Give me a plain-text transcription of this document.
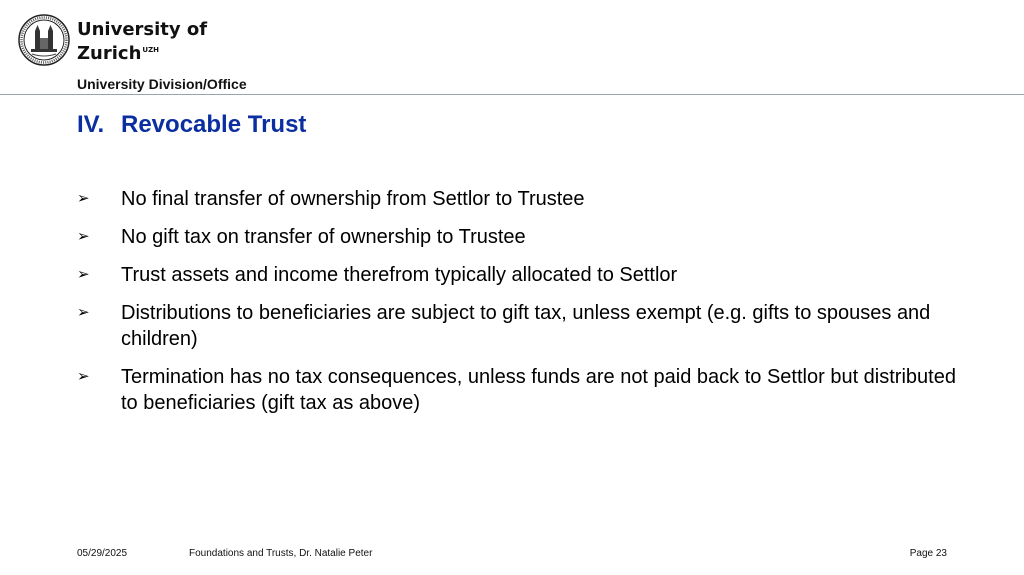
University of
Zurich$^{UZH}$
University Division/Office
IV. Revocable Trust
➢	No final transfer of ownership from Settlor to Trustee
➢	No gift tax on transfer of ownership to Trustee
➢	Trust assets and income therefrom typically allocated to Settlor
➢	Distributions to beneficiaries are subject to gift tax, unless exempt (e.g. gifts to spouses and children)
➢	Termination has no tax consequences, unless funds are not paid back to Settlor but distributed to beneficiaries (gift tax as above)
05/29/2025	Foundations and Trusts, Dr. Natalie Peter	Page 23
